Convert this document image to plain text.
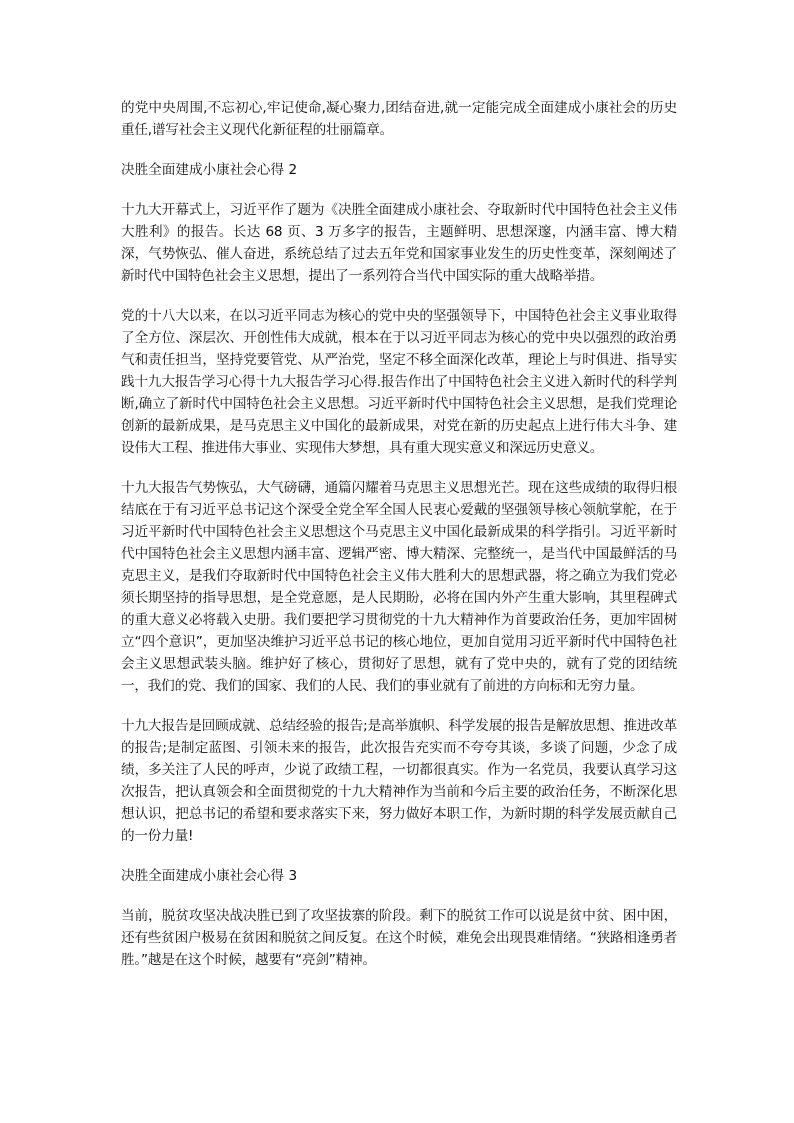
的党中央周围,不忘初心,牢记使命,凝心聚力,团结奋进,就一定能完成全面建成小康社会的历史重任,谱写社会主义现代化新征程的壮丽篇章。

决胜全面建成小康社会心得 2

十九大开幕式上，习近平作了题为《决胜全面建成小康社会、夺取新时代中国特色社会主义伟大胜利》的报告。长达 68 页、3 万多字的报告，主题鲜明、思想深邃，内涵丰富、博大精深，气势恢弘、催人奋进，系统总结了过去五年党和国家事业发生的历史性变革，深刻阐述了新时代中国特色社会主义思想，提出了一系列符合当代中国实际的重大战略举措。

党的十八大以来，在以习近平同志为核心的党中央的坚强领导下，中国特色社会主义事业取得了全方位、深层次、开创性伟大成就，根本在于以习近平同志为核心的党中央以强烈的政治勇气和责任担当，坚持党要管党、从严治党，坚定不移全面深化改革，理论上与时俱进、指导实践十九大报告学习心得十九大报告学习心得.报告作出了中国特色社会主义进入新时代的科学判断,确立了新时代中国特色社会主义思想。习近平新时代中国特色社会主义思想，是我们党理论创新的最新成果，是马克思主义中国化的最新成果，对党在新的历史起点上进行伟大斗争、建设伟大工程、推进伟大事业、实现伟大梦想，具有重大现实意义和深远历史意义。

十九大报告气势恢弘，大气磅礴，通篇闪耀着马克思主义思想光芒。现在这些成绩的取得归根结底在于有习近平总书记这个深受全党全军全国人民衷心爱戴的坚强领导核心领航掌舵，在于习近平新时代中国特色社会主义思想这个马克思主义中国化最新成果的科学指引。习近平新时代中国特色社会主义思想内涵丰富、逻辑严密、博大精深、完整统一，是当代中国最鲜活的马克思主义，是我们夺取新时代中国特色社会主义伟大胜利大的思想武器，将之确立为我们党必须长期坚持的指导思想，是全党意愿，是人民期盼，必将在国内外产生重大影响，其里程碑式的重大意义必将载入史册。我们要把学习贯彻党的十九大精神作为首要政治任务，更加牢固树立“四个意识”，更加坚决维护习近平总书记的核心地位，更加自觉用习近平新时代中国特色社会主义思想武装头脑。维护好了核心，贯彻好了思想，就有了党中央的，就有了党的团结统一，我们的党、我们的国家、我们的人民、我们的事业就有了前进的方向标和无穷力量。

十九大报告是回顾成就、总结经验的报告;是高举旗帜、科学发展的报告是解放思想、推进改革的报告;是制定蓝图、引领未来的报告，此次报告充实而不夸夸其谈，多谈了问题，少念了成绩，多关注了人民的呼声，少说了政绩工程，一切都很真实。作为一名党员，我要认真学习这次报告，把认真领会和全面贯彻党的十九大精神作为当前和今后主要的政治任务，不断深化思想认识，把总书记的希望和要求落实下来，努力做好本职工作，为新时期的科学发展贡献自己的一份力量!

决胜全面建成小康社会心得 3

当前，脱贫攻坚决战决胜已到了攻坚拔寨的阶段。剩下的脱贫工作可以说是贫中贫、困中困，还有些贫困户极易在贫困和脱贫之间反复。在这个时候，难免会出现畏难情绪。“狭路相逢勇者胜。”越是在这个时候，越要有“亮剑”精神。
